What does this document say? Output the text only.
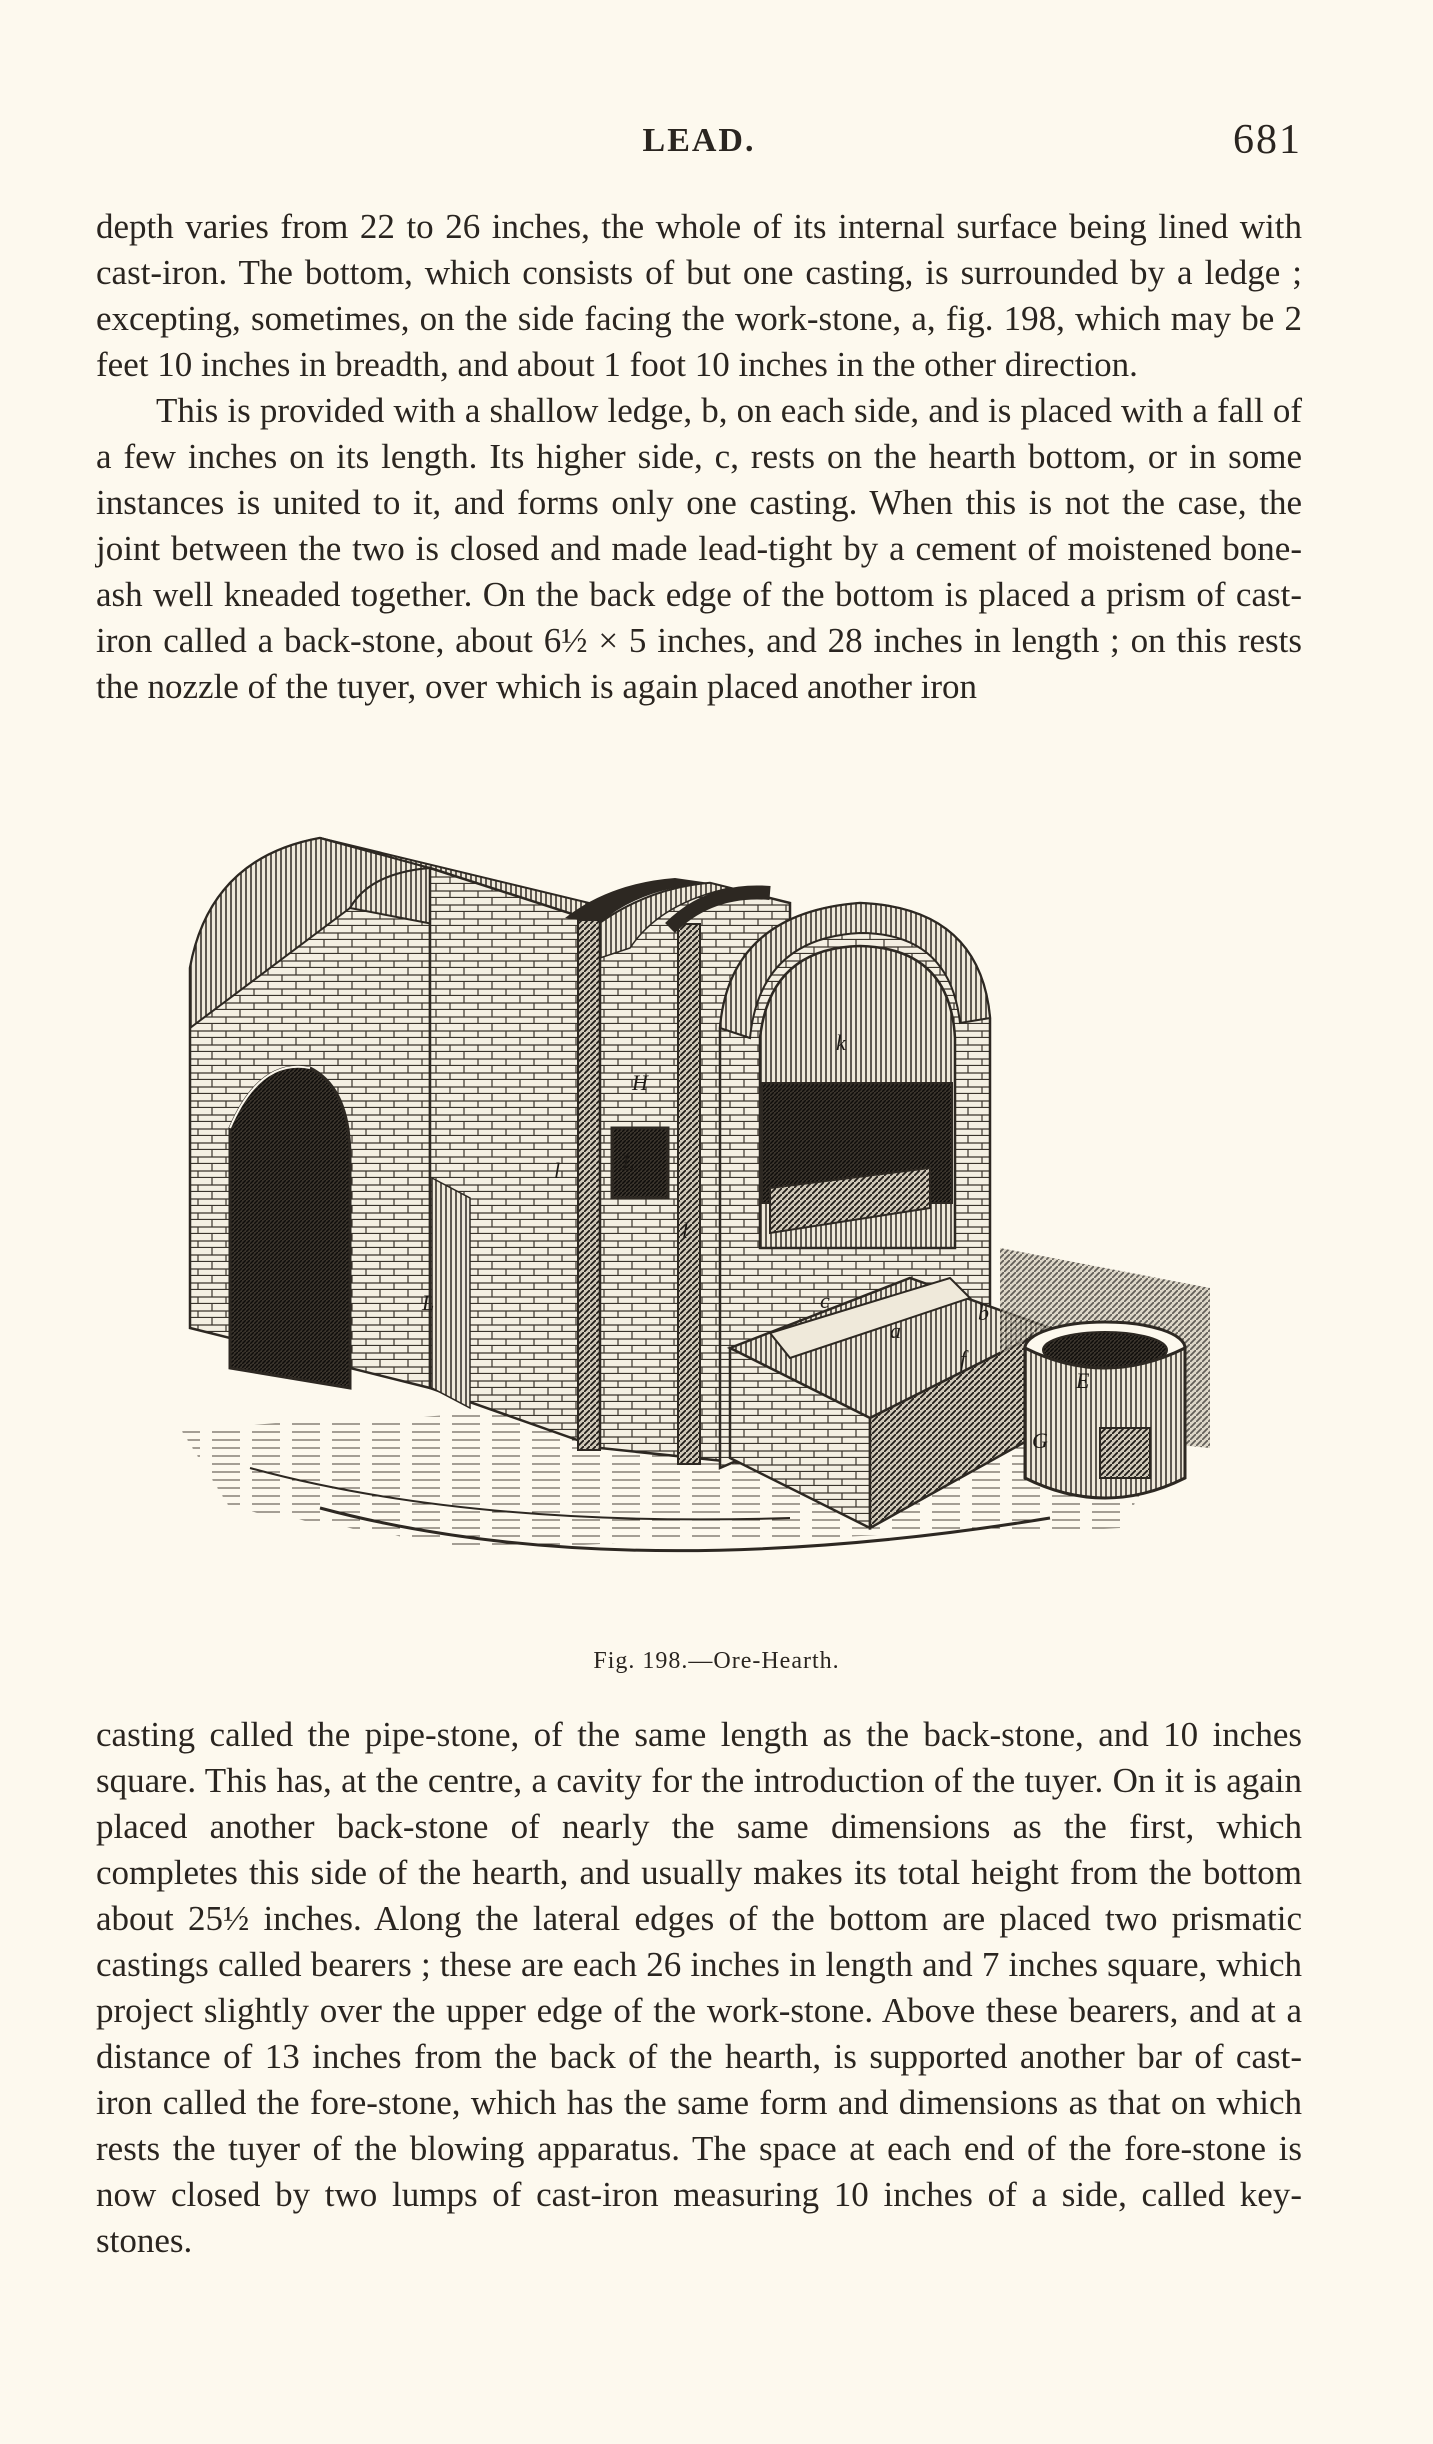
LEAD.	681

depth varies from 22 to 26 inches, the whole of its internal surface being lined with cast-iron. The bottom, which consists of but one casting, is surrounded by a ledge ; excepting, sometimes, on the side facing the work-stone, a, fig. 198, which may be 2 feet 10 inches in breadth, and about 1 foot 10 inches in the other direction.

This is provided with a shallow ledge, b, on each side, and is placed with a fall of a few inches on its length. Its higher side, c, rests on the hearth bottom, or in some instances is united to it, and forms only one casting. When this is not the case, the joint between the two is closed and made lead-tight by a cement of moistened bone-ash well kneaded together. On the back edge of the bottom is placed a prism of cast-iron called a back-stone, about 6½ × 5 inches, and 28 inches in length ; on this rests the nozzle of the tuyer, over which is again placed another iron

H
k
l
l
L
L	c
a
b
f
E
G
Fig. 198.—Ore-Hearth.

casting called the pipe-stone, of the same length as the back-stone, and 10 inches square. This has, at the centre, a cavity for the introduction of the tuyer. On it is again placed another back-stone of nearly the same dimensions as the first, which completes this side of the hearth, and usually makes its total height from the bottom about 25½ inches. Along the lateral edges of the bottom are placed two prismatic castings called bearers ; these are each 26 inches in length and 7 inches square, which project slightly over the upper edge of the work-stone. Above these bearers, and at a distance of 13 inches from the back of the hearth, is supported another bar of cast-iron called the fore-stone, which has the same form and dimensions as that on which rests the tuyer of the blowing apparatus. The space at each end of the fore-stone is now closed by two lumps of cast-iron measuring 10 inches of a side, called key-stones.
